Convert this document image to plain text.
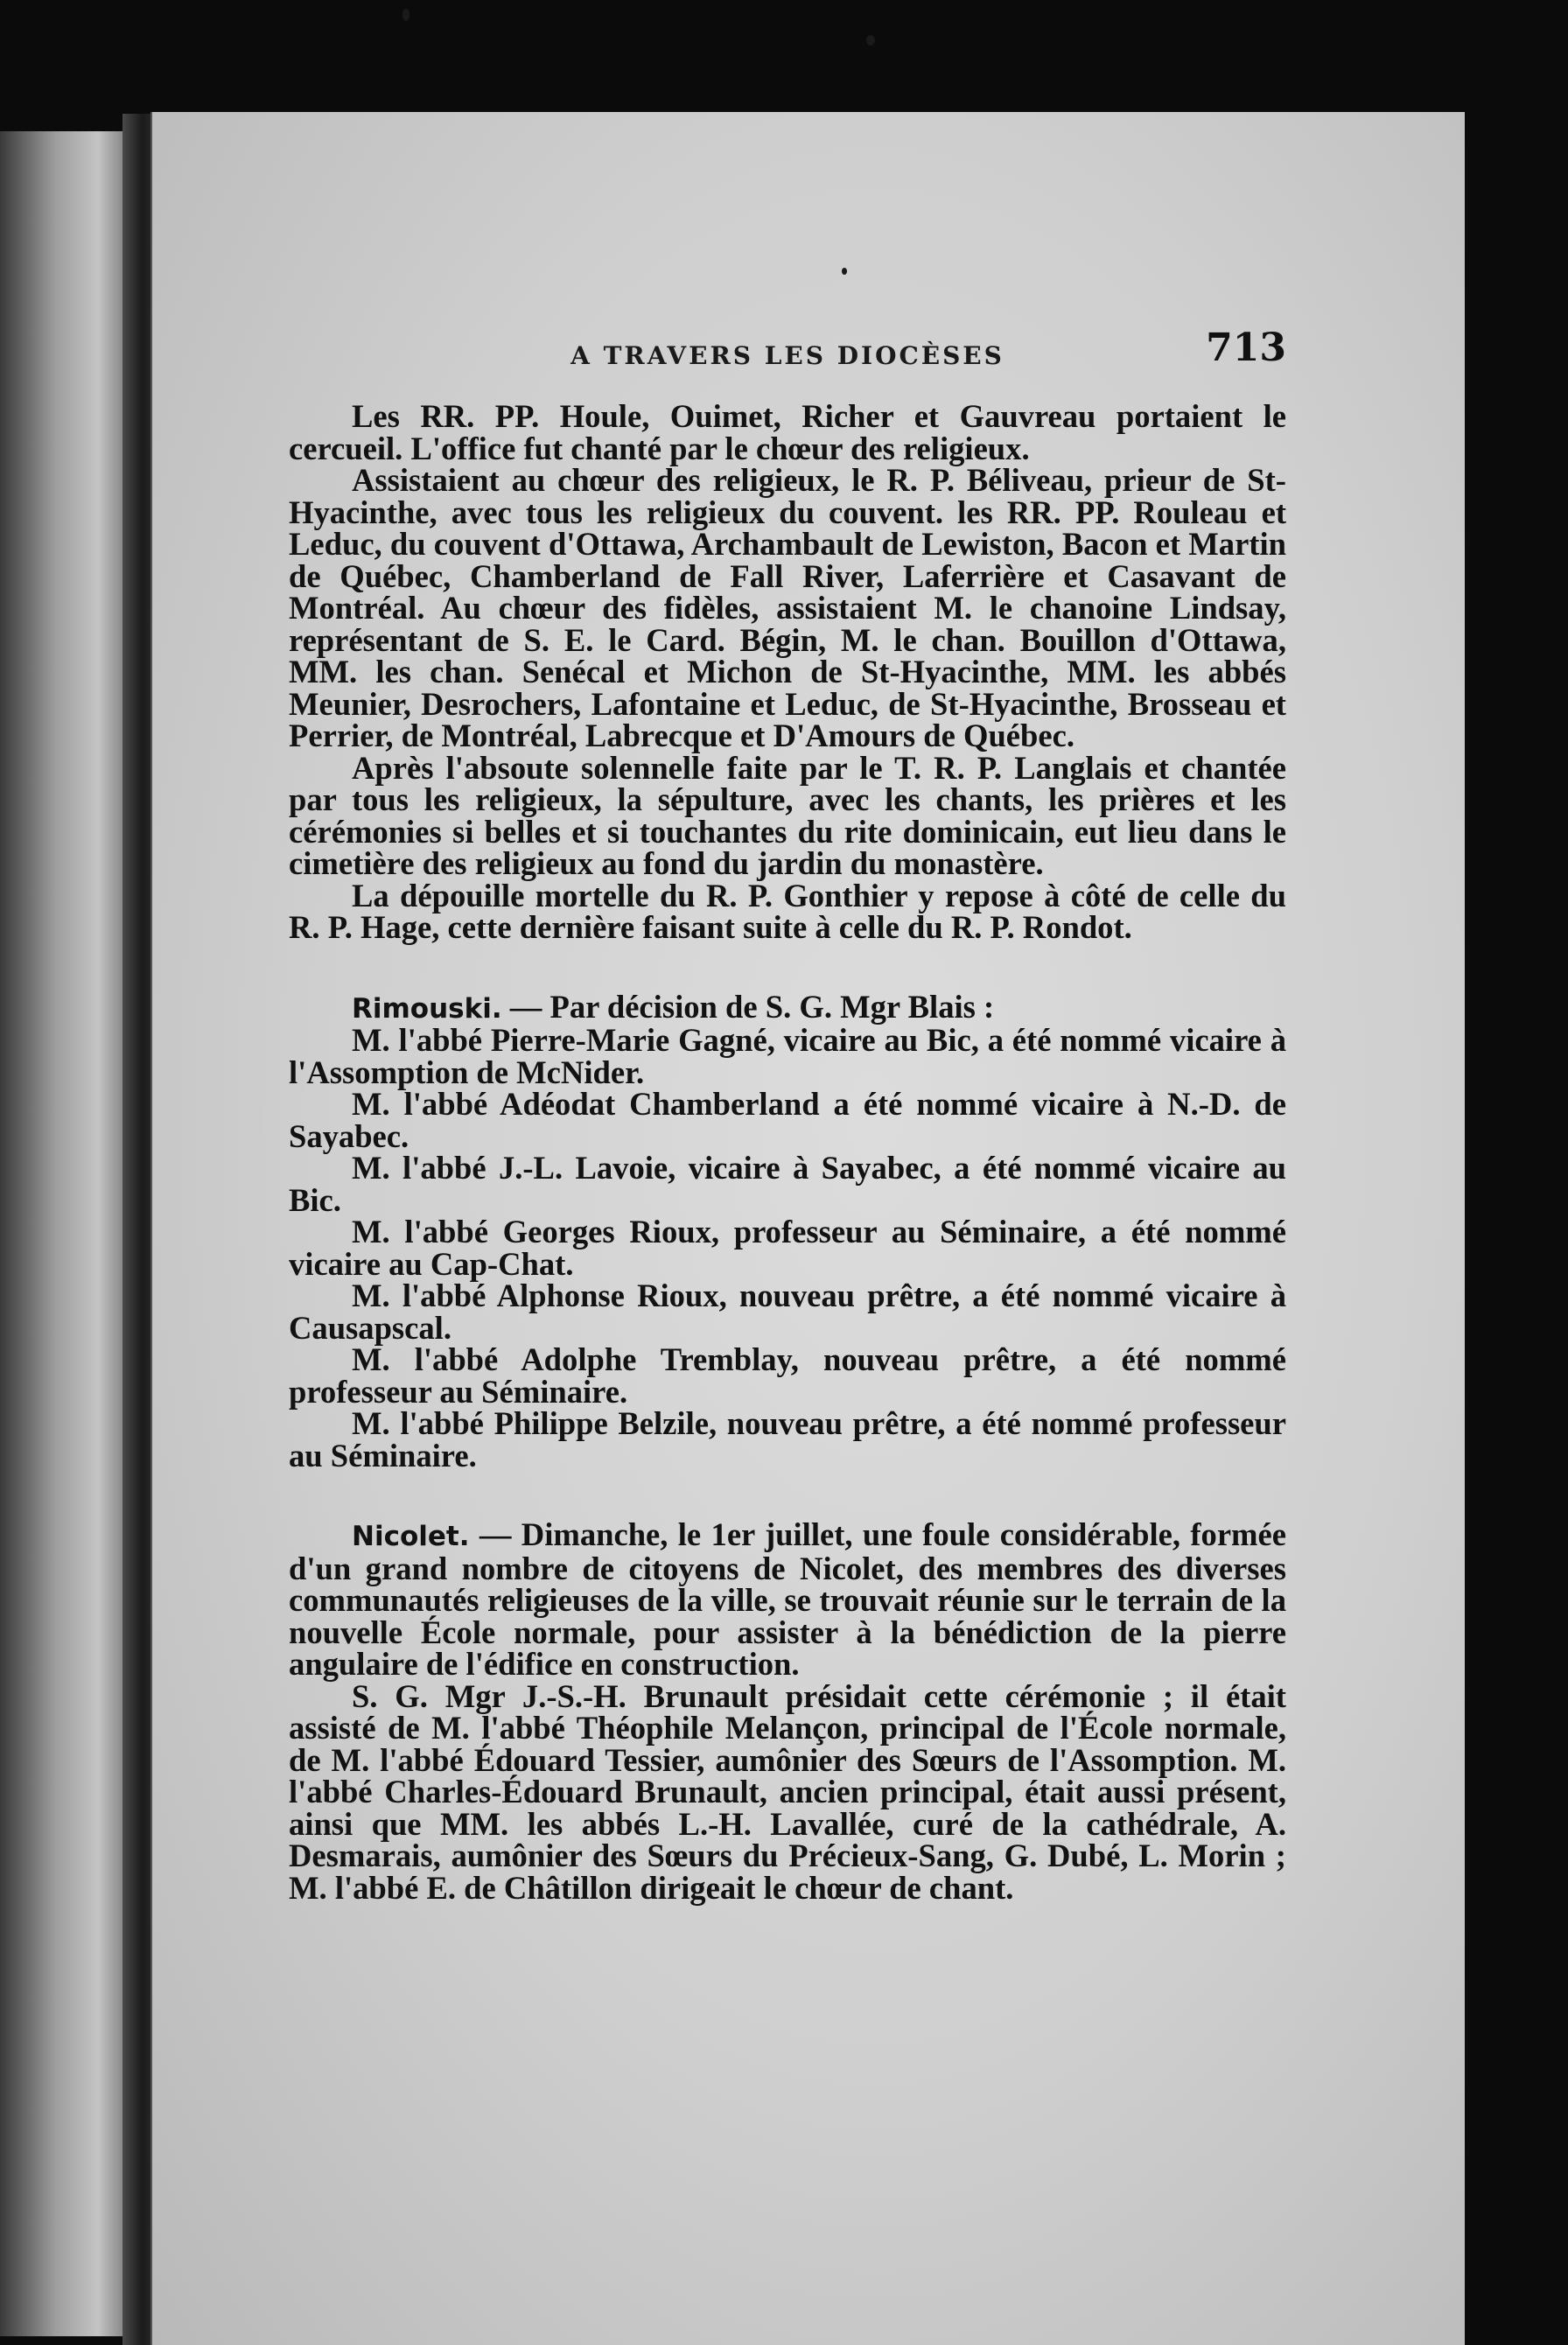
A TRAVERS LES DIOCÈSES	713

Les RR. PP. Houle, Ouimet, Richer et Gauvreau portaient le cercueil. L'office fut chanté par le chœur des religieux.

Assistaient au chœur des religieux, le R. P. Béliveau, prieur de St-Hyacinthe, avec tous les religieux du couvent. les RR. PP. Rouleau et Leduc, du couvent d'Ottawa, Archambault de Lewiston, Bacon et Martin de Québec, Chamberland de Fall River, Laferrière et Casavant de Montréal. Au chœur des fidèles, assistaient M. le chanoine Lindsay, représentant de S. E. le Card. Bégin, M. le chan. Bouillon d'Ottawa, MM. les chan. Senécal et Michon de St-Hyacinthe, MM. les abbés Meunier, Desrochers, Lafontaine et Leduc, de St-Hyacinthe, Brosseau et Perrier, de Montréal, Labrecque et D'Amours de Québec.

Après l'absoute solennelle faite par le T. R. P. Langlais et chantée par tous les religieux, la sépulture, avec les chants, les prières et les cérémonies si belles et si touchantes du rite dominicain, eut lieu dans le cimetière des religieux au fond du jardin du monastère.

La dépouille mortelle du R. P. Gonthier y repose à côté de celle du R. P. Hage, cette dernière faisant suite à celle du R. P. Rondot.

Rimouski. — Par décision de S. G. Mgr Blais :

M. l'abbé Pierre-Marie Gagné, vicaire au Bic, a été nommé vicaire à l'Assomption de McNider.

M. l'abbé Adéodat Chamberland a été nommé vicaire à N.-D. de Sayabec.

M. l'abbé J.-L. Lavoie, vicaire à Sayabec, a été nommé vicaire au Bic.

M. l'abbé Georges Rioux, professeur au Séminaire, a été nommé vicaire au Cap-Chat.

M. l'abbé Alphonse Rioux, nouveau prêtre, a été nommé vicaire à Causapscal.

M. l'abbé Adolphe Tremblay, nouveau prêtre, a été nommé professeur au Séminaire.

M. l'abbé Philippe Belzile, nouveau prêtre, a été nommé professeur au Séminaire.

Nicolet. — Dimanche, le 1er juillet, une foule considérable, formée d'un grand nombre de citoyens de Nicolet, des membres des diverses communautés religieuses de la ville, se trouvait réunie sur le terrain de la nouvelle École normale, pour assister à la bénédiction de la pierre angulaire de l'édifice en construction.

S. G. Mgr J.-S.-H. Brunault présidait cette cérémonie ; il était assisté de M. l'abbé Théophile Melançon, principal de l'École normale, de M. l'abbé Édouard Tessier, aumônier des Sœurs de l'Assomption. M. l'abbé Charles-Édouard Brunault, ancien principal, était aussi présent, ainsi que MM. les abbés L.-H. Lavallée, curé de la cathédrale, A. Desmarais, aumônier des Sœurs du Précieux-Sang, G. Dubé, L. Morin ; M. l'abbé E. de Châtillon dirigeait le chœur de chant.
